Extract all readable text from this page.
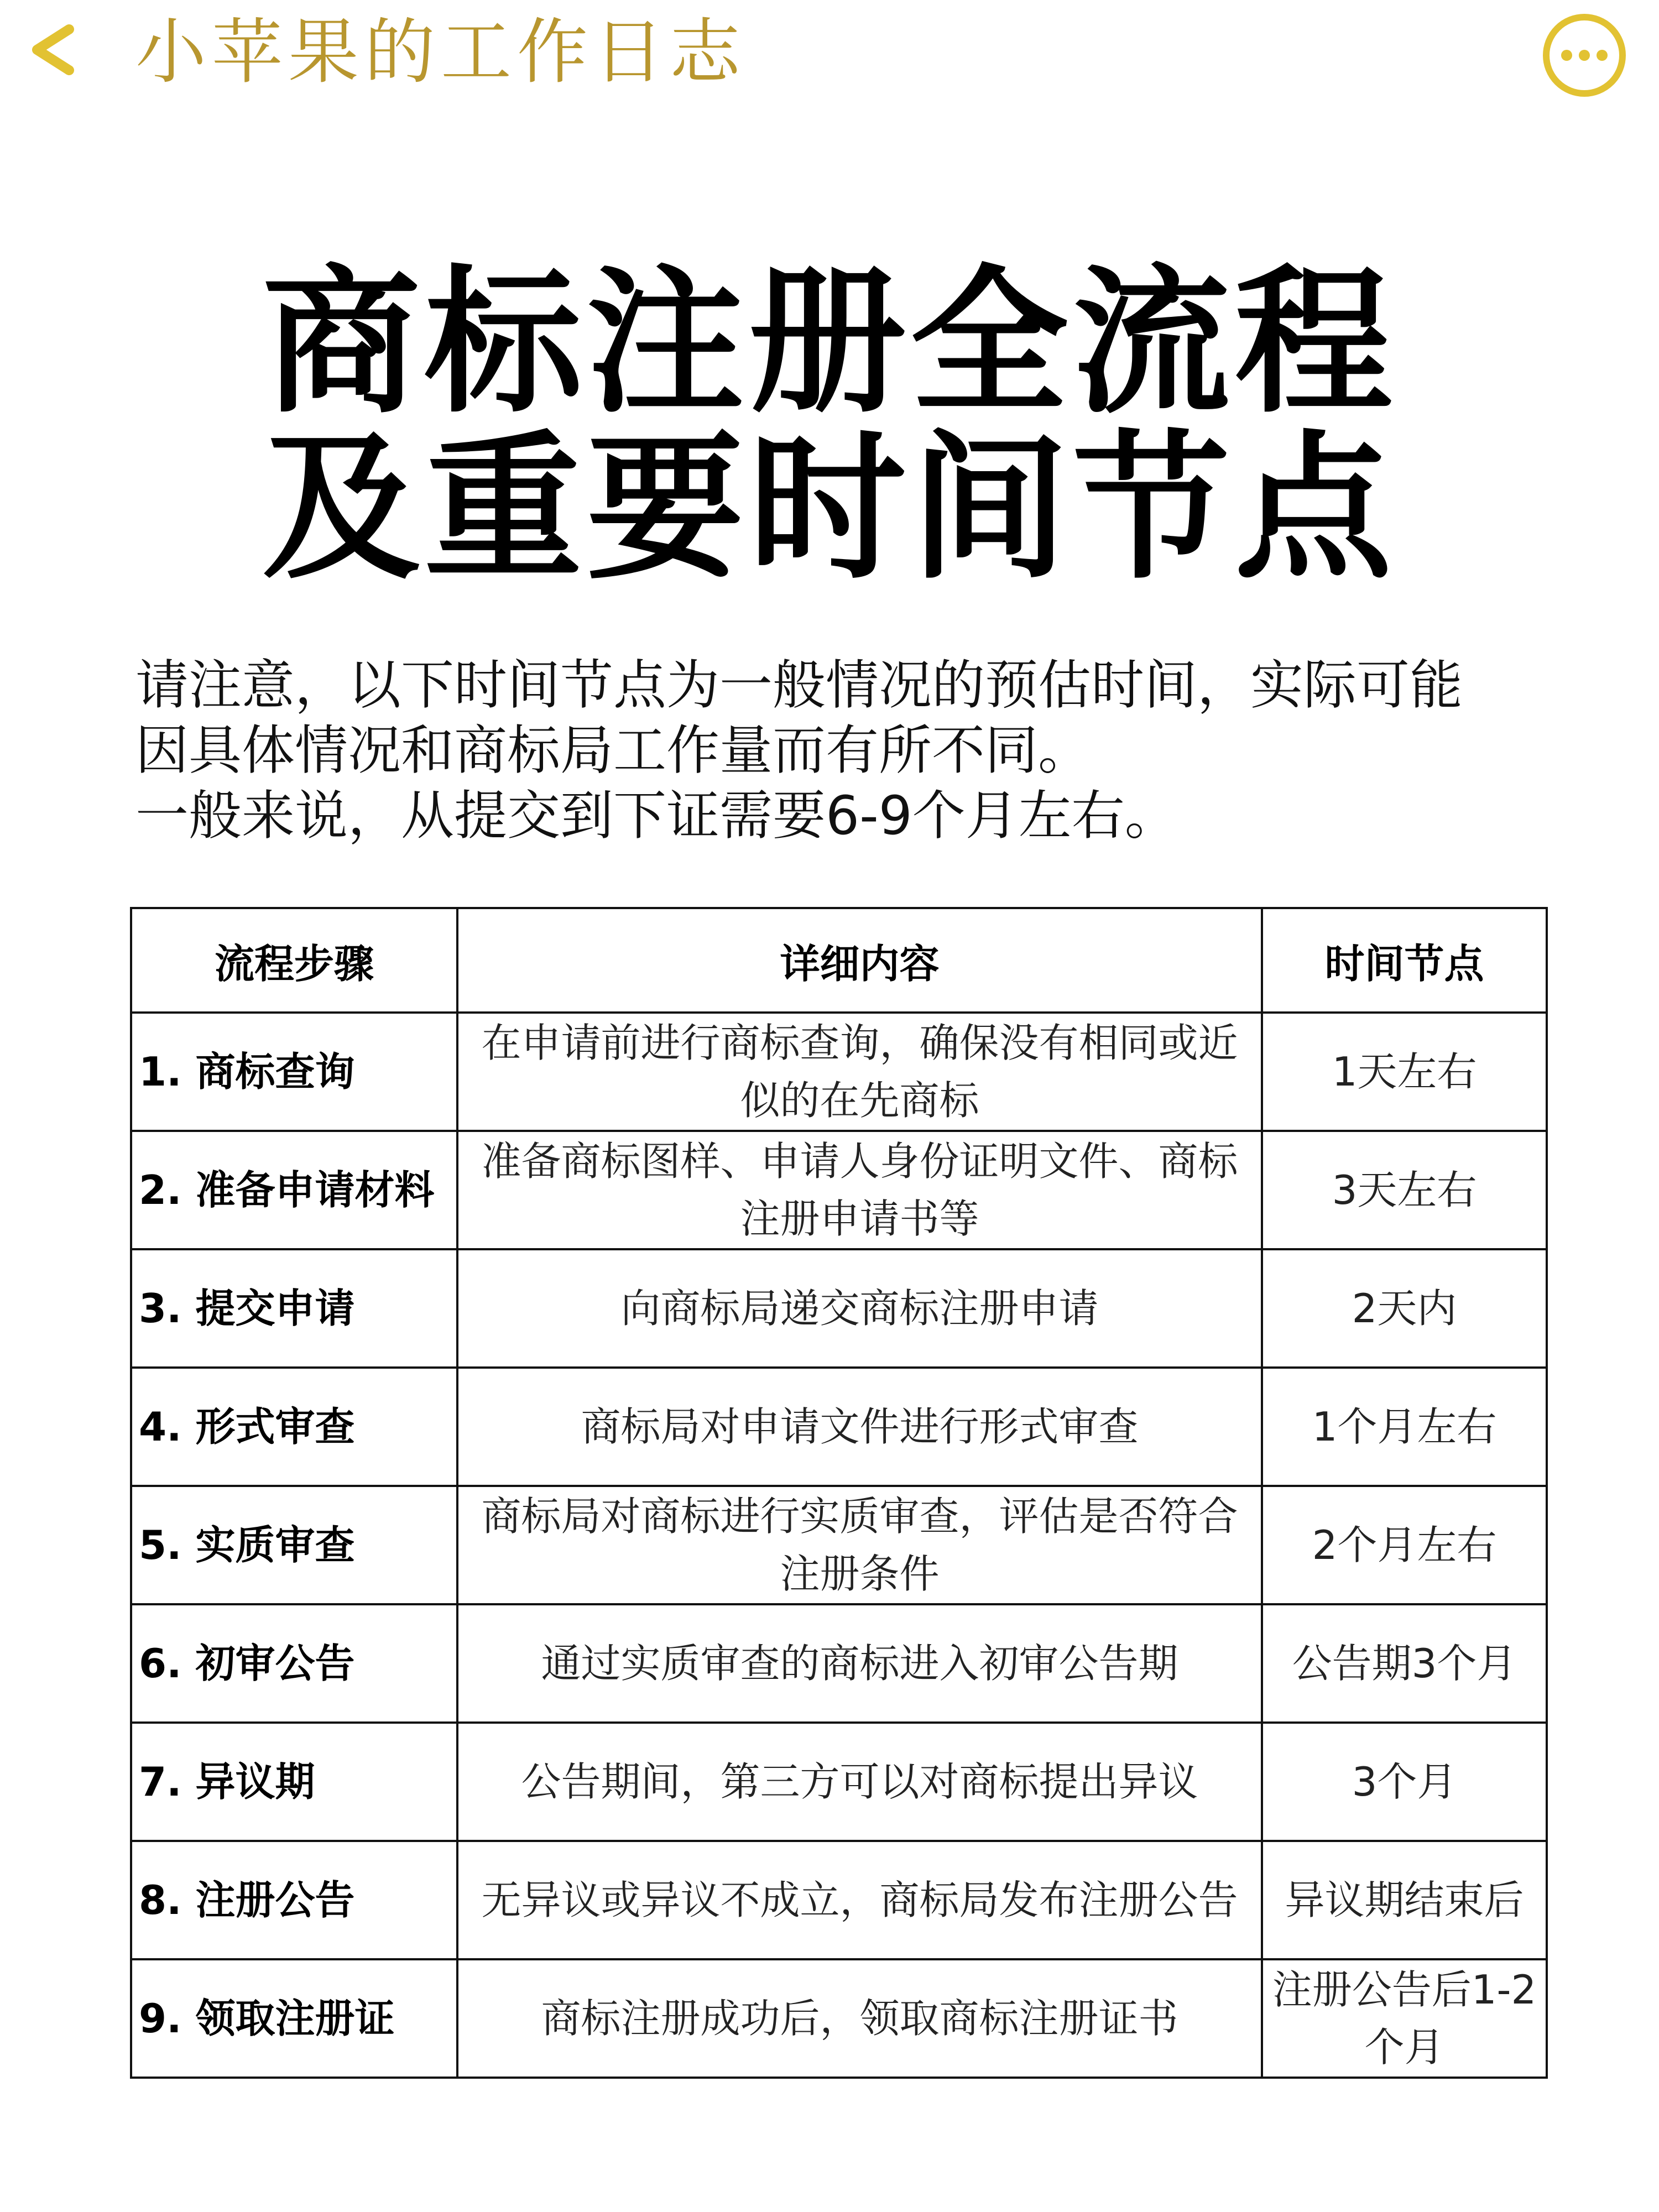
小苹果的工作日志
商标注册全流程
及重要时间节点

请注意，以下时间节点为一般情况的预估时间，实际可能

因具体情况和商标局工作量而有所不同。

一般来说，从提交到下证需要6-9个月左右。

流程步骤	详细内容	时间节点
1. 商标查询	在申请前进行商标查询，确保没有相同或近似的在先商标	1天左右
2. 准备申请材料	准备商标图样、申请人身份证明文件、商标注册申请书等	3天左右
3. 提交申请	向商标局递交商标注册申请	2天内
4. 形式审查	商标局对申请文件进行形式审查	1个月左右
5. 实质审查	商标局对商标进行实质审查，评估是否符合注册条件	2个月左右
6. 初审公告	通过实质审查的商标进入初审公告期	公告期3个月
7. 异议期	公告期间，第三方可以对商标提出异议	3个月
8. 注册公告	无异议或异议不成立，商标局发布注册公告	异议期结束后
9. 领取注册证	商标注册成功后，领取商标注册证书	注册公告后1-2个月
